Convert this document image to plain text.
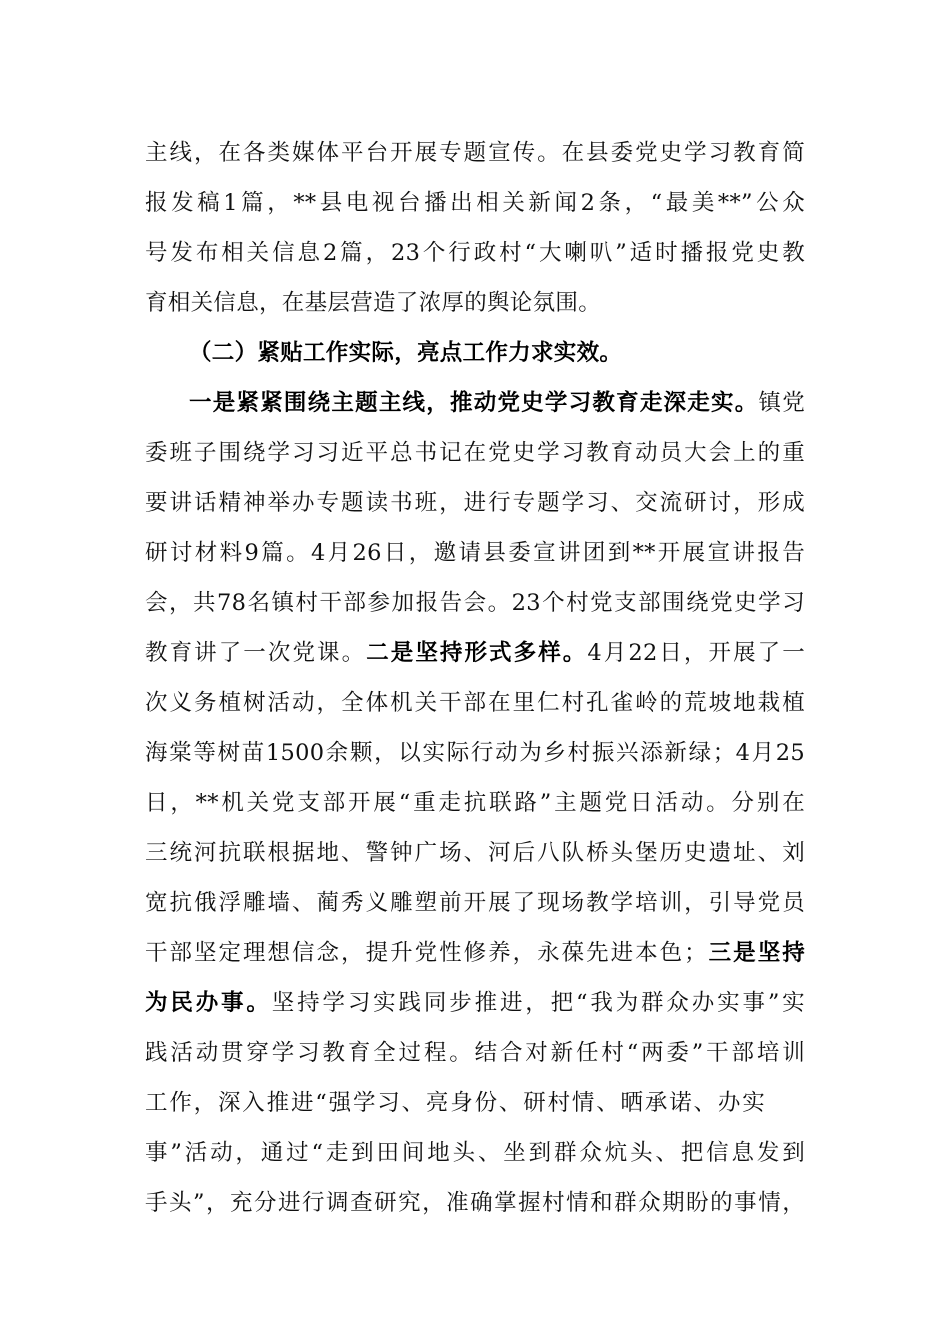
主线，在各类媒体平台开展专题宣传。在县委党史学习教育简
报发稿1篇，**县电视台播出相关新闻2条，“最美**”公众
号发布相关信息2篇，23个行政村“大喇叭”适时播报党史教
育相关信息，在基层营造了浓厚的舆论氛围。
（二）紧贴工作实际，亮点工作力求实效。
一是紧紧围绕主题主线，推动党史学习教育走深走实。镇党
委班子围绕学习习近平总书记在党史学习教育动员大会上的重
要讲话精神举办专题读书班，进行专题学习、交流研讨，形成
研讨材料9篇。4月26日，邀请县委宣讲团到**开展宣讲报告
会，共78名镇村干部参加报告会。23个村党支部围绕党史学习
教育讲了一次党课。二是坚持形式多样。4月22日，开展了一
次义务植树活动，全体机关干部在里仁村孔雀岭的荒坡地栽植
海棠等树苗1500余颗，以实际行动为乡村振兴添新绿；4月25
日，**机关党支部开展“重走抗联路”主题党日活动。分别在
三统河抗联根据地、警钟广场、河后八队桥头堡历史遗址、刘
宽抗俄浮雕墙、蔺秀义雕塑前开展了现场教学培训，引导党员
干部坚定理想信念，提升党性修养，永葆先进本色；三是坚持
为民办事。坚持学习实践同步推进，把“我为群众办实事”实
践活动贯穿学习教育全过程。结合对新任村“两委”干部培训
工作，深入推进“强学习、亮身份、研村情、晒承诺、办实
事”活动，通过“走到田间地头、坐到群众炕头、把信息发到
手头”，充分进行调查研究，准确掌握村情和群众期盼的事情，
